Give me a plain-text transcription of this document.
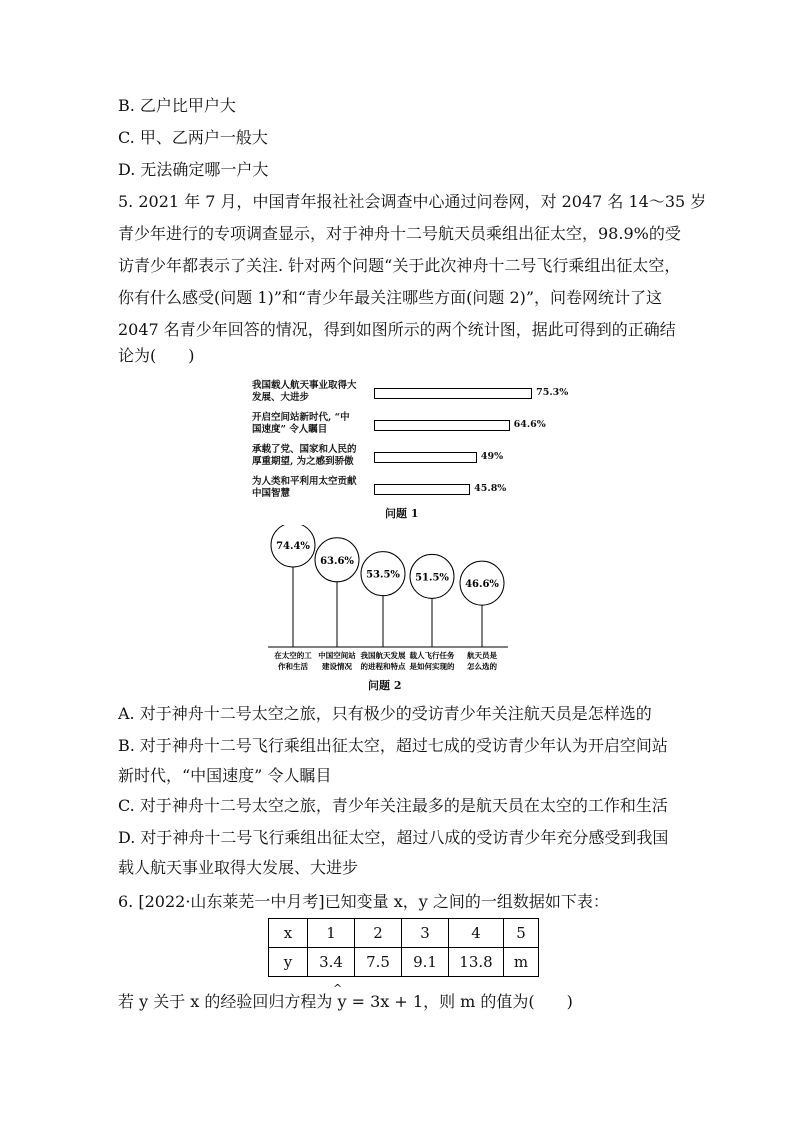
B. 乙户比甲户大
C. 甲、乙两户一般大
D. 无法确定哪一户大
5. 2021 年 7 月，中国青年报社社会调查中心通过问卷网，对 2047 名 14～35 岁
青少年进行的专项调查显示，对于神舟十二号航天员乘组出征太空，98.9%的受
访青少年都表示了关注. 针对两个问题“关于此次神舟十二号飞行乘组出征太空，
你有什么感受(问题 1)”和“青少年最关注哪些方面(问题 2)”，问卷网统计了这
2047 名青少年回答的情况，得到如图所示的两个统计图，据此可得到的正确结
论为(　　)
我国载人航天事业取得大
发展、大进步	75.3%
开启空间站新时代, “中
国速度” 令人瞩目	64.6%
承载了党、国家和人民的
厚重期望, 为之感到骄傲	49%
为人类和平利用太空贡献
中国智慧	45.8%
问题 1
74.4%
在太空的工
作和生活
63.6%
中国空间站
建设情况
53.5%
我国航天发展
的进程和特点
51.5%
载人飞行任务
是如何实现的
46.6%
航天员是
怎么选的
问题 2
A. 对于神舟十二号太空之旅，只有极少的受访青少年关注航天员是怎样选的
B. 对于神舟十二号飞行乘组出征太空，超过七成的受访青少年认为开启空间站
新时代，“中国速度” 令人瞩目
C. 对于神舟十二号太空之旅，青少年关注最多的是航天员在太空的工作和生活
D. 对于神舟十二号飞行乘组出征太空，超过八成的受访青少年充分感受到我国
载人航天事业取得大发展、大进步
6. [2022·山东莱芜一中月考]已知变量 x，y 之间的一组数据如下表：
x	1	2	3	4	5
y	3.4	7.5	9.1	13.8	m
^
若 y 关于 x 的经验回归方程为 y = 3x + 1，则 m 的值为(　　)
